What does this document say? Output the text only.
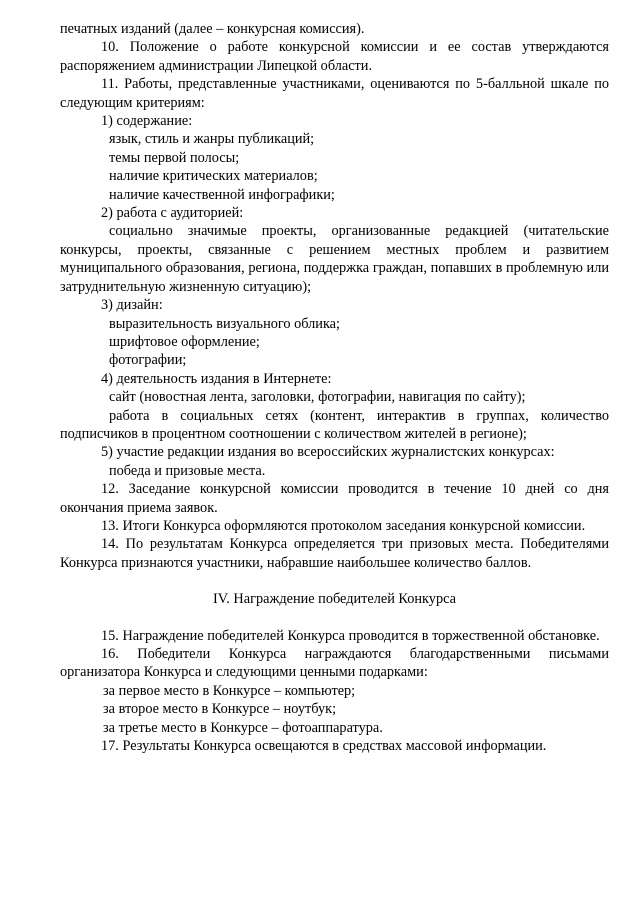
печатных изданий (далее – конкурсная комиссия).

10. Положение о работе конкурсной комиссии и ее состав утверждаются распоряжением администрации Липецкой области.

11. Работы, представленные участниками, оцениваются по 5-балльной шкале по следующим критериям:

1) содержание:

язык, стиль и жанры публикаций;

темы первой полосы;

наличие критических материалов;

наличие качественной инфографики;

2) работа с аудиторией:

социально значимые проекты, организованные редакцией (читательские конкурсы, проекты, связанные с решением местных проблем и развитием муниципального образования, региона, поддержка граждан, попавших в проблемную или затруднительную жизненную ситуацию);

3) дизайн:

выразительность визуального облика;

шрифтовое оформление;

фотографии;

4) деятельность издания в Интернете:

сайт (новостная лента, заголовки, фотографии, навигация по сайту);

работа в социальных сетях (контент, интерактив в группах, количество подписчиков в процентном соотношении с количеством жителей в регионе);

5) участие редакции издания во всероссийских журналистских конкурсах:

победа и призовые места.

12. Заседание конкурсной комиссии проводится в течение 10 дней со дня окончания приема заявок.

13. Итоги Конкурса оформляются протоколом заседания конкурсной комиссии.

14. По результатам Конкурса определяется три призовых места. Победителями Конкурса признаются участники, набравшие наибольшее количество баллов.

IV. Награждение победителей Конкурса

15. Награждение победителей Конкурса проводится в торжественной обстановке.

16. Победители Конкурса награждаются благодарственными письмами организатора Конкурса и следующими ценными подарками:

за первое место в Конкурсе – компьютер;

за второе место в Конкурсе – ноутбук;

за третье место в Конкурсе – фотоаппаратура.

17. Результаты Конкурса освещаются в средствах массовой информации.
